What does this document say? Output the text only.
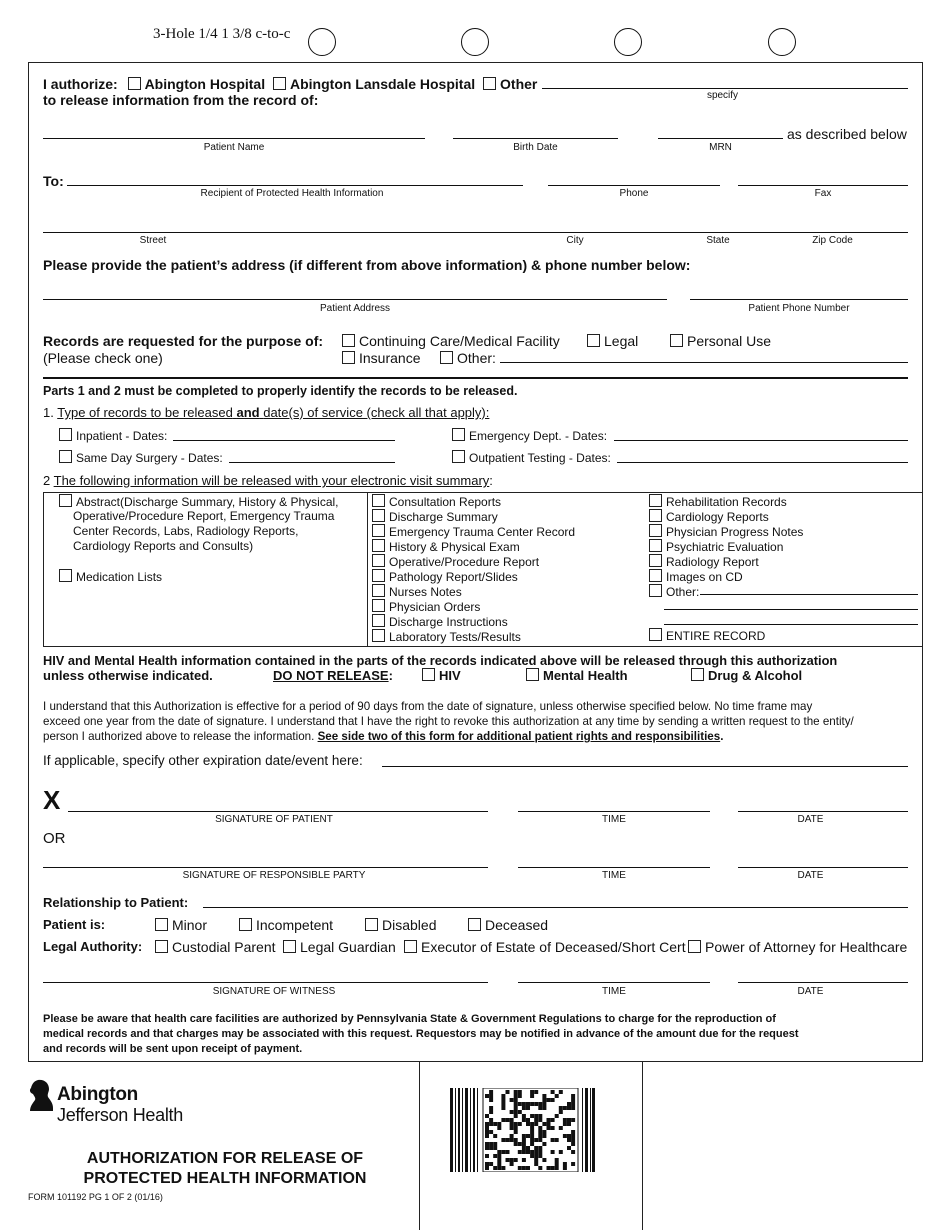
3-Hole 1/4 1 3/8 c-to-c
I authorize: Abington Hospital Abington Lansdale Hospital Other
specify
to release information from the record of:
as described below
Patient Name	Birth Date	MRN
To:
Recipient of Protected Health Information	Phone	Fax
Street	City	State	Zip Code
Please provide the patient’s address (if different from above information) & phone number below:
Patient Address	Patient Phone Number
Records are requested for the purpose of:
(Please check one)
Continuing Care/Medical Facility	Legal	Personal Use
Insurance	Other:
Parts 1 and 2 must be completed to properly identify the records to be released.
1. Type of records to be released and date(s) of service (check all that apply):
Inpatient - Dates:	Emergency Dept. - Dates:
Same Day Surgery - Dates:	Outpatient Testing - Dates:
2 The following information will be released with your electronic visit summary:
Abstract(Discharge Summary, History & Physical,
Operative/Procedure Report, Emergency Trauma
Center Records, Labs, Radiology Reports,
Cardiology Reports and Consults)
Medication Lists
Consultation Reports
Discharge Summary
Emergency Trauma Center Record
History & Physical Exam
Operative/Procedure Report
Pathology Report/Slides
Nurses Notes
Physician Orders
Discharge Instructions
Laboratory Tests/Results
Rehabilitation Records
Cardiology Reports
Physician Progress Notes
Psychiatric Evaluation
Radiology Report
Images on CD
Other:
ENTIRE RECORD
HIV and Mental Health information contained in the parts of the records indicated above will be released through this authorization
unless otherwise indicated.	DO NOT RELEASE:	HIV	Mental Health	Drug & Alcohol
I understand that this Authorization is effective for a period of 90 days from the date of signature, unless otherwise specified below. No time frame may
exceed one year from the date of signature. I understand that I have the right to revoke this authorization at any time by sending a written request to the entity/
person I authorized above to release the information. See side two of this form for additional patient rights and responsibilities.
If applicable, specify other expiration date/event here:
X
SIGNATURE OF PATIENT	TIME	DATE
OR
SIGNATURE OF RESPONSIBLE PARTY	TIME	DATE
Relationship to Patient:
Patient is:	Minor	Incompetent	Disabled	Deceased
Legal Authority:	Custodial Parent	Legal Guardian	Executor of Estate of Deceased/Short Cert	Power of Attorney for Healthcare
SIGNATURE OF WITNESS	TIME	DATE
Please be aware that health care facilities are authorized by Pennsylvania State & Government Regulations to charge for the reproduction of
medical records and that charges may be associated with this request. Requestors may be notified in advance of the amount due for the request
and records will be sent upon receipt of payment.
Abington
Jefferson Health
AUTHORIZATION FOR RELEASE OF
PROTECTED HEALTH INFORMATION
FORM 101192 PG 1 OF 2 (01/16)
